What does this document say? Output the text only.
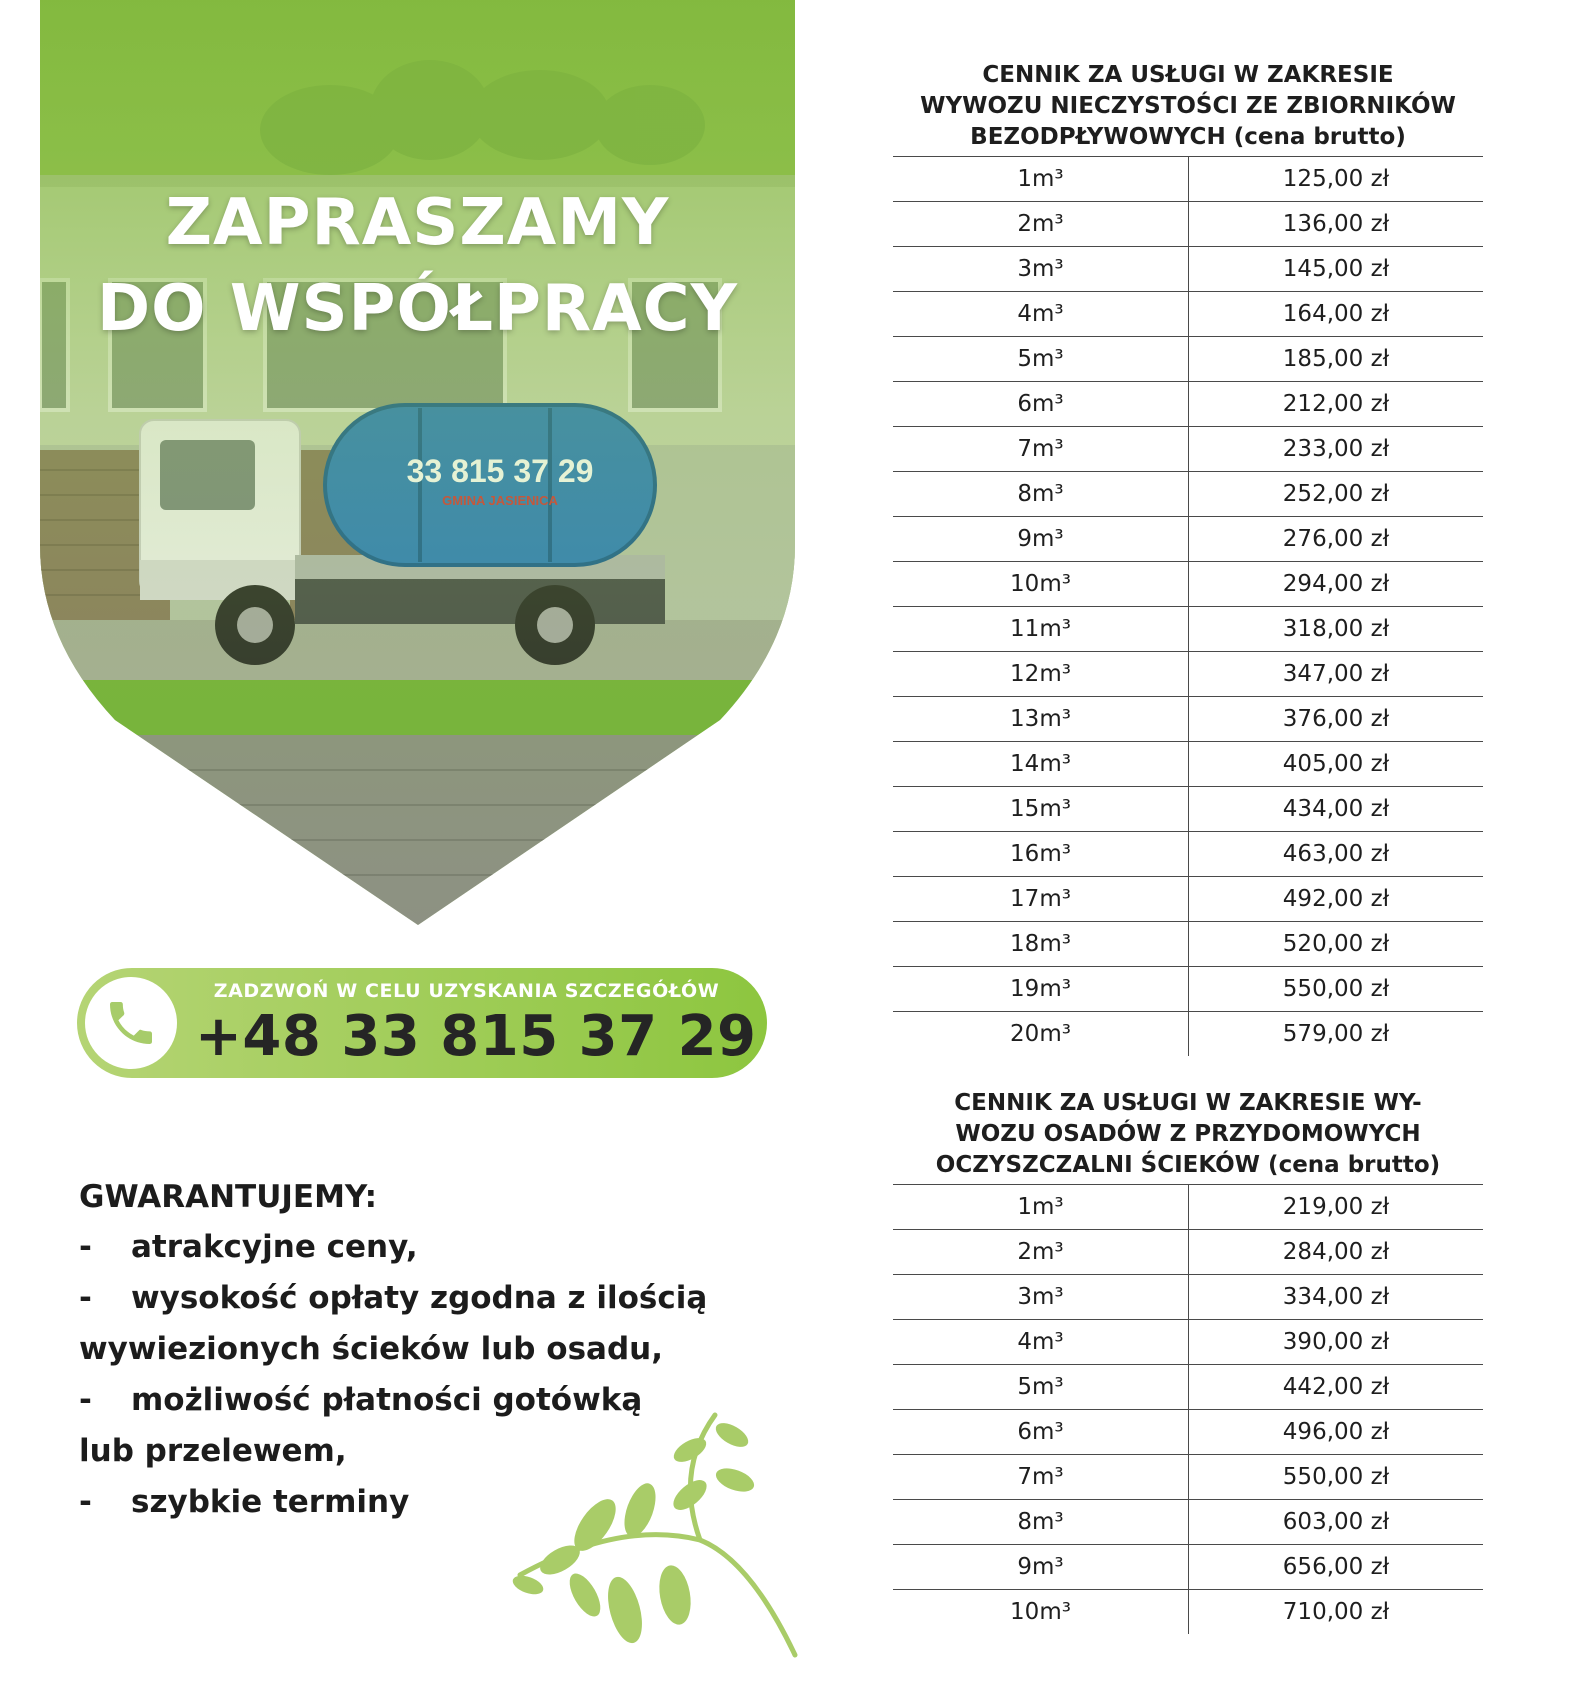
ZAPRASZAMY
DO WSPÓŁPRACY
ZADZWOŃ W CELU UZYSKANIA SZCZEGÓŁÓW
+48 33 815 37 29
GWARANTUJEMY:
- atrakcyjne ceny,
- wysokość opłaty zgodna z ilością
wywiezionych ścieków lub osadu,
- możliwość płatności gotówką
lub przelewem,
- szybkie terminy
CENNIK ZA USŁUGI W ZAKRESIE
WYWOZU NIECZYSTOŚCI ZE ZBIORNIKÓW
BEZODPŁYWOWYCH (cena brutto)
1m³	125,00 zł
2m³	136,00 zł
3m³	145,00 zł
4m³	164,00 zł
5m³	185,00 zł
6m³	212,00 zł
7m³	233,00 zł
8m³	252,00 zł
9m³	276,00 zł
10m³	294,00 zł
11m³	318,00 zł
12m³	347,00 zł
13m³	376,00 zł
14m³	405,00 zł
15m³	434,00 zł
16m³	463,00 zł
17m³	492,00 zł
18m³	520,00 zł
19m³	550,00 zł
20m³	579,00 zł
CENNIK ZA USŁUGI W ZAKRESIE WY-
WOZU OSADÓW Z PRZYDOMOWYCH
OCZYSZCZALNI ŚCIEKÓW (cena brutto)
1m³	219,00 zł
2m³	284,00 zł
3m³	334,00 zł
4m³	390,00 zł
5m³	442,00 zł
6m³	496,00 zł
7m³	550,00 zł
8m³	603,00 zł
9m³	656,00 zł
10m³	710,00 zł
